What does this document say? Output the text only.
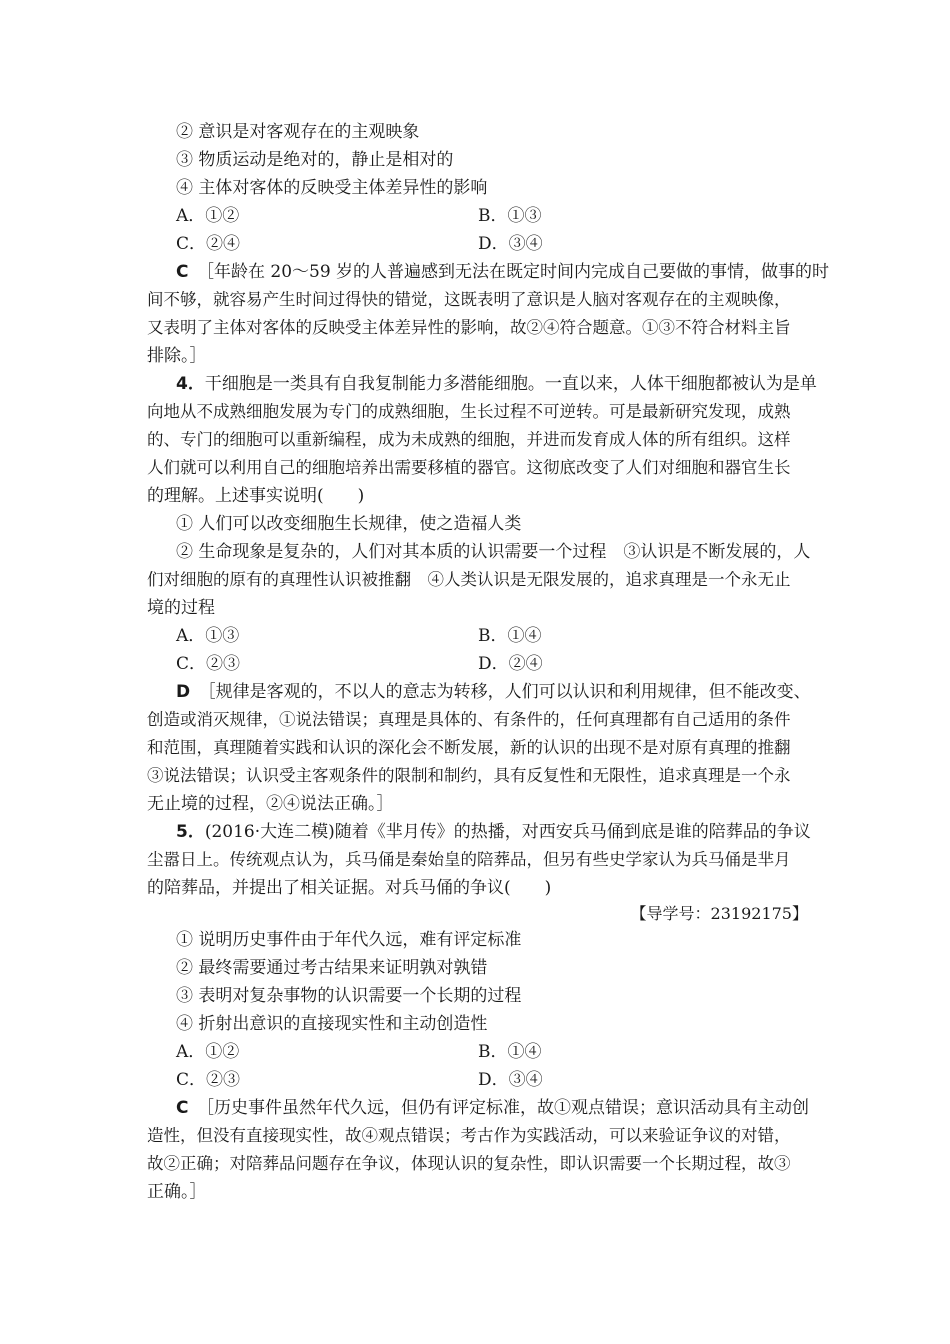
② 意识是对客观存在的主观映象
③ 物质运动是绝对的，静止是相对的
④ 主体对客体的反映受主体差异性的影响
A．①②	B．①③
C．②④	D．③④
C　 ［年龄在 20～59 岁的人普遍感到无法在既定时间内完成自己要做的事情，做事的时
间不够，就容易产生时间过得快的错觉，这既表明了意识是人脑对客观存在的主观映像，
又表明了主体对客体的反映受主体差异性的影响，故②④符合题意。①③不符合材料主旨
排除。］
4．干细胞是一类具有自我复制能力多潜能细胞。一直以来，人体干细胞都被认为是单
向地从不成熟细胞发展为专门的成熟细胞，生长过程不可逆转。可是最新研究发现，成熟
的、专门的细胞可以重新编程，成为未成熟的细胞，并进而发育成人体的所有组织。这样
人们就可以利用自己的细胞培养出需要移植的器官。这彻底改变了人们对细胞和器官生长
的理解。上述事实说明(　　)
① 人们可以改变细胞生长规律，使之造福人类
② 生命现象是复杂的，人们对其本质的认识需要一个过程　③认识是不断发展的，人
们对细胞的原有的真理性认识被推翻　④人类认识是无限发展的，追求真理是一个永无止
境的过程
A．①③	B．①④
C．②③	D．②④
D　 ［规律是客观的，不以人的意志为转移，人们可以认识和利用规律，但不能改变、
创造或消灭规律，①说法错误；真理是具体的、有条件的，任何真理都有自己适用的条件
和范围，真理随着实践和认识的深化会不断发展，新的认识的出现不是对原有真理的推翻
③说法错误；认识受主客观条件的限制和制约，具有反复性和无限性，追求真理是一个永
无止境的过程，②④说法正确。］
5．(2016·大连二模)随着《芈月传》的热播，对西安兵马俑到底是谁的陪葬品的争议
尘嚣日上。传统观点认为，兵马俑是秦始皇的陪葬品，但另有些史学家认为兵马俑是芈月
的陪葬品，并提出了相关证据。对兵马俑的争议(　　)
【导学号：23192175】
① 说明历史事件由于年代久远，难有评定标准
② 最终需要通过考古结果来证明孰对孰错
③ 表明对复杂事物的认识需要一个长期的过程
④ 折射出意识的直接现实性和主动创造性
A．①②	B．①④
C．②③	D．③④
C　 ［历史事件虽然年代久远，但仍有评定标准，故①观点错误；意识活动具有主动创
造性，但没有直接现实性，故④观点错误；考古作为实践活动，可以来验证争议的对错，
故②正确；对陪葬品问题存在争议，体现认识的复杂性，即认识需要一个长期过程，故③
正确。］
